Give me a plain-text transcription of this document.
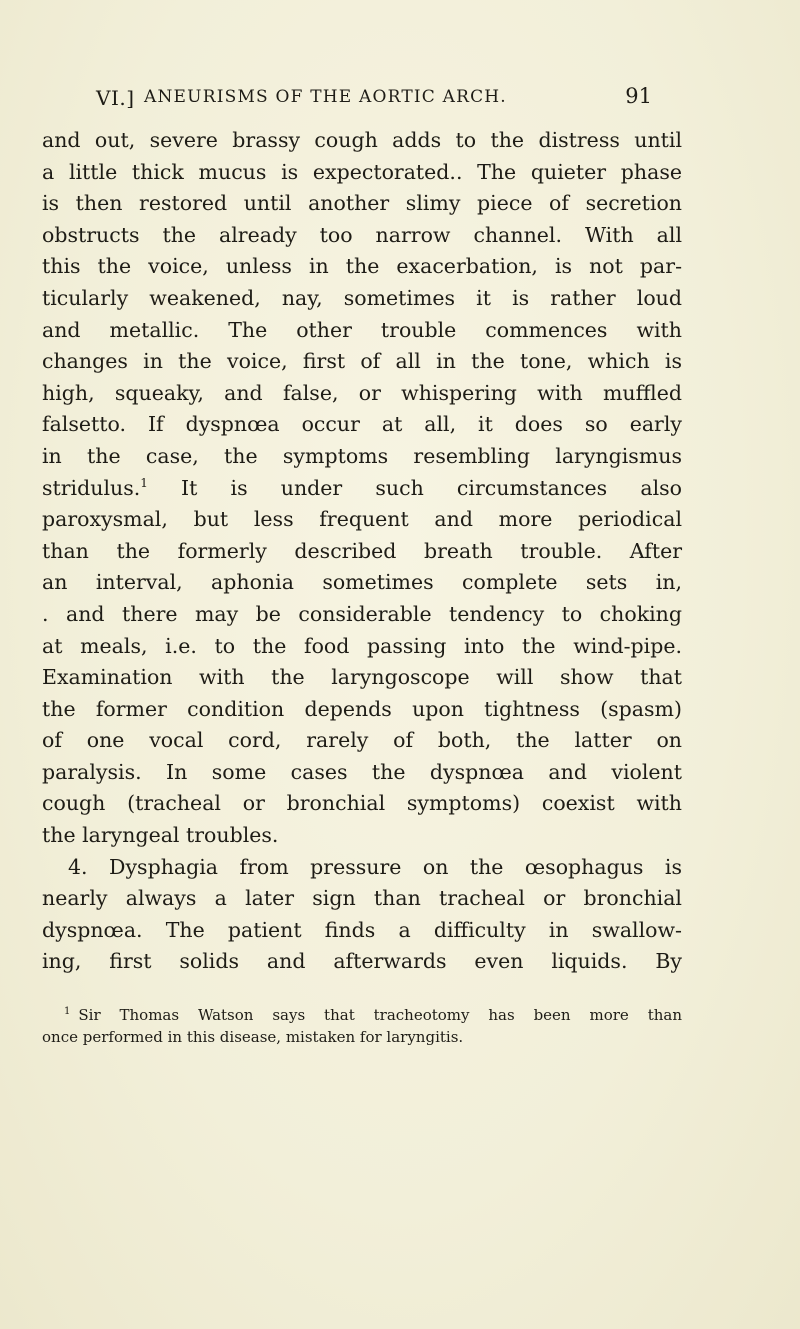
VI.] ANEURISMS OF THE AORTIC ARCH.	91
and out, severe brassy cough adds to the distress until
a little thick mucus is expectorated.. The quieter phase
is then restored until another slimy piece of secretion
obstructs the already too narrow channel. With all
this the voice, unless in the exacerbation, is not par-
ticularly weakened, nay, sometimes it is rather loud
and metallic. The other trouble commences with
changes in the voice, first of all in the tone, which is
high, squeaky, and false, or whispering with muffled
falsetto. If dyspnœa occur at all, it does so early
in the case, the symptoms resembling laryngismus
stridulus.$^1$ It is under such circumstances also
paroxysmal, but less frequent and more periodical
than the formerly described breath trouble. After
an interval, aphonia sometimes complete sets in,
. and there may be considerable tendency to choking
at meals, i.e. to the food passing into the wind-pipe.
Examination with the laryngoscope will show that
the former condition depends upon tightness (spasm)
of one vocal cord, rarely of both, the latter on
paralysis. In some cases the dyspnœa and violent
cough (tracheal or bronchial symptoms) coexist with
the laryngeal troubles.
4. Dysphagia from pressure on the œsophagus is
nearly always a later sign than tracheal or bronchial
dyspnœa. The patient finds a difficulty in swallow-
ing, first solids and afterwards even liquids. By
$^1$ Sir Thomas Watson says that tracheotomy has been more than
once performed in this disease, mistaken for laryngitis.
